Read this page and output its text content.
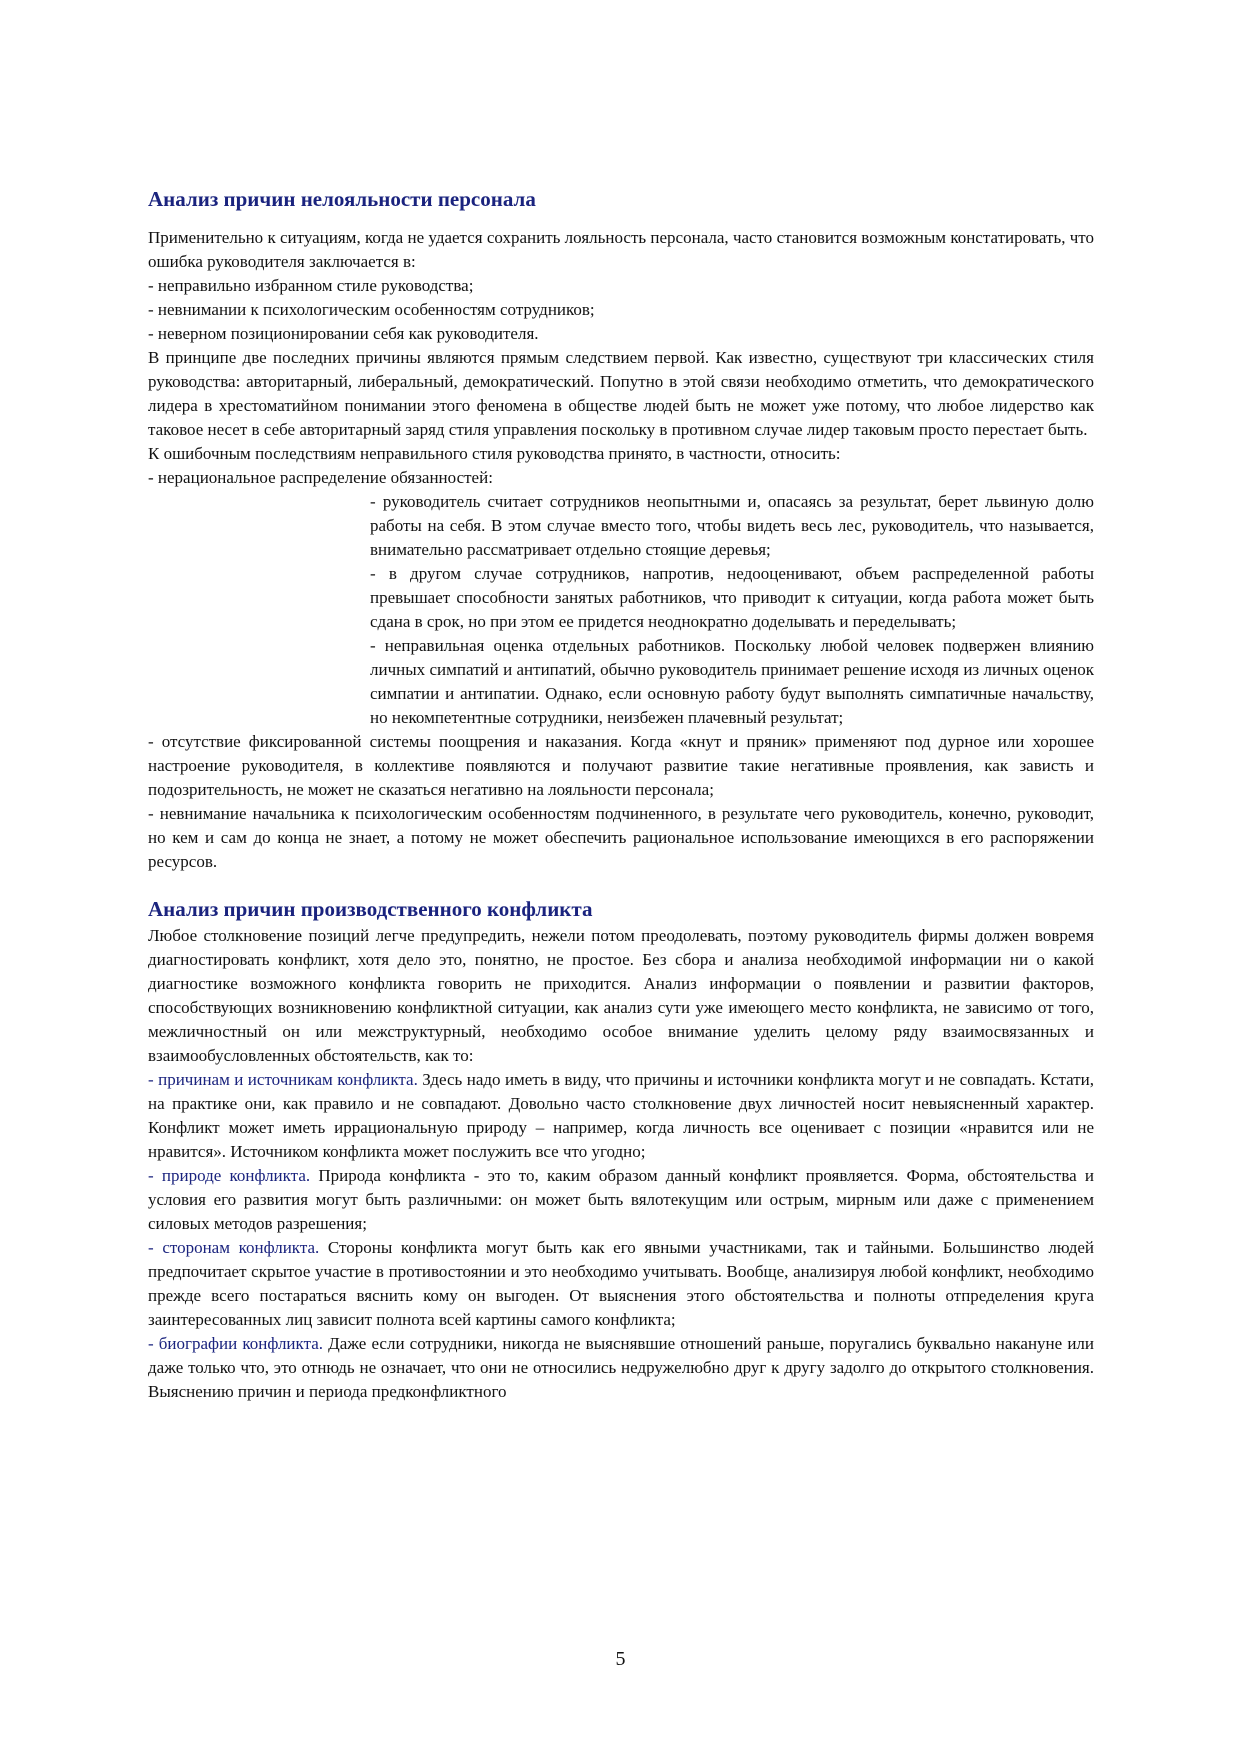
Анализ причин нелояльности персонала

Применительно к ситуациям, когда не удается сохранить лояльность персонала, часто становится возможным констатировать, что ошибка руководителя заключается в:

- неправильно избранном стиле руководства;

- невнимании к психологическим особенностям сотрудников;

- неверном позиционировании себя как руководителя.

В принципе две последних причины являются прямым следствием первой. Как известно, существуют три классических стиля руководства: авторитарный, либеральный, демократический. Попутно в этой связи необходимо отметить, что демократического лидера в хрестоматийном понимании этого феномена в обществе людей быть не может уже потому, что любое лидерство как таковое несет в себе авторитарный заряд стиля управления поскольку в противном случае лидер таковым просто перестает быть.

К ошибочным последствиям неправильного стиля руководства принято, в частности, относить:

- нерациональное распределение обязанностей:

- руководитель считает сотрудников неопытными и, опасаясь за результат, берет львиную долю работы на себя. В этом случае вместо того, чтобы видеть весь лес, руководитель, что называется, внимательно рассматривает отдельно стоящие деревья;

- в другом случае сотрудников, напротив, недооценивают, объем распределенной работы превышает способности занятых работников, что приводит к ситуации, когда работа может быть сдана в срок, но при этом ее придется неоднократно доделывать и переделывать;

- неправильная оценка отдельных работников. Поскольку любой человек подвержен влиянию личных симпатий и антипатий, обычно руководитель принимает решение исходя из личных оценок симпатии и антипатии. Однако, если основную работу будут выполнять симпатичные начальству, но некомпетентные сотрудники, неизбежен плачевный результат;

- отсутствие фиксированной системы поощрения и наказания. Когда «кнут и пряник» применяют под дурное или хорошее настроение руководителя, в коллективе появляются и получают развитие такие негативные проявления, как зависть и подозрительность, не может не сказаться негативно на лояльности персонала;

- невнимание начальника к психологическим особенностям подчиненного, в результате чего руководитель, конечно, руководит, но кем и сам до конца не знает, а потому не может обеспечить рациональное использование имеющихся в его распоряжении ресурсов.

Анализ причин производственного конфликта

Любое столкновение позиций легче предупредить, нежели потом преодолевать, поэтому руководитель фирмы должен вовремя диагностировать конфликт, хотя дело это, понятно, не простое. Без сбора и анализа необходимой информации ни о какой диагностике возможного конфликта говорить не приходится. Анализ информации о появлении и развитии факторов, способствующих возникновению конфликтной ситуации, как анализ сути уже имеющего место конфликта, не зависимо от того, межличностный он или межструктурный, необходимо особое внимание уделить целому ряду взаимосвязанных и взаимообусловленных обстоятельств, как то:

- причинам и источникам конфликта. Здесь надо иметь в виду, что причины и источники конфликта могут и не совпадать. Кстати, на практике они, как правило и не совпадают. Довольно часто столкновение двух личностей носит невыясненный характер. Конфликт может иметь иррациональную природу – например, когда личность все оценивает с позиции «нравится или не нравится». Источником конфликта может послужить все что угодно;

- природе конфликта. Природа конфликта - это то, каким образом данный конфликт проявляется. Форма, обстоятельства и условия его развития могут быть различными: он может быть вялотекущим или острым, мирным или даже с применением силовых методов разрешения;

- сторонам конфликта. Стороны конфликта могут быть как его явными участниками, так и тайными. Большинство людей предпочитает скрытое участие в противостоянии и это необходимо учитывать. Вообще, анализируя любой конфликт, необходимо прежде всего постараться вяснить кому он выгоден. От выяснения этого обстоятельства и полноты отпределения круга заинтересованных лиц зависит полнота всей картины самого конфликта;

- биографии конфликта. Даже если сотрудники, никогда не выяснявшие отношений раньше, поругались буквально накануне или даже только что, это отнюдь не означает, что они не относились недружелюбно друг к другу задолго до открытого столкновения. Выяснению причин и периода предконфликтного

5
